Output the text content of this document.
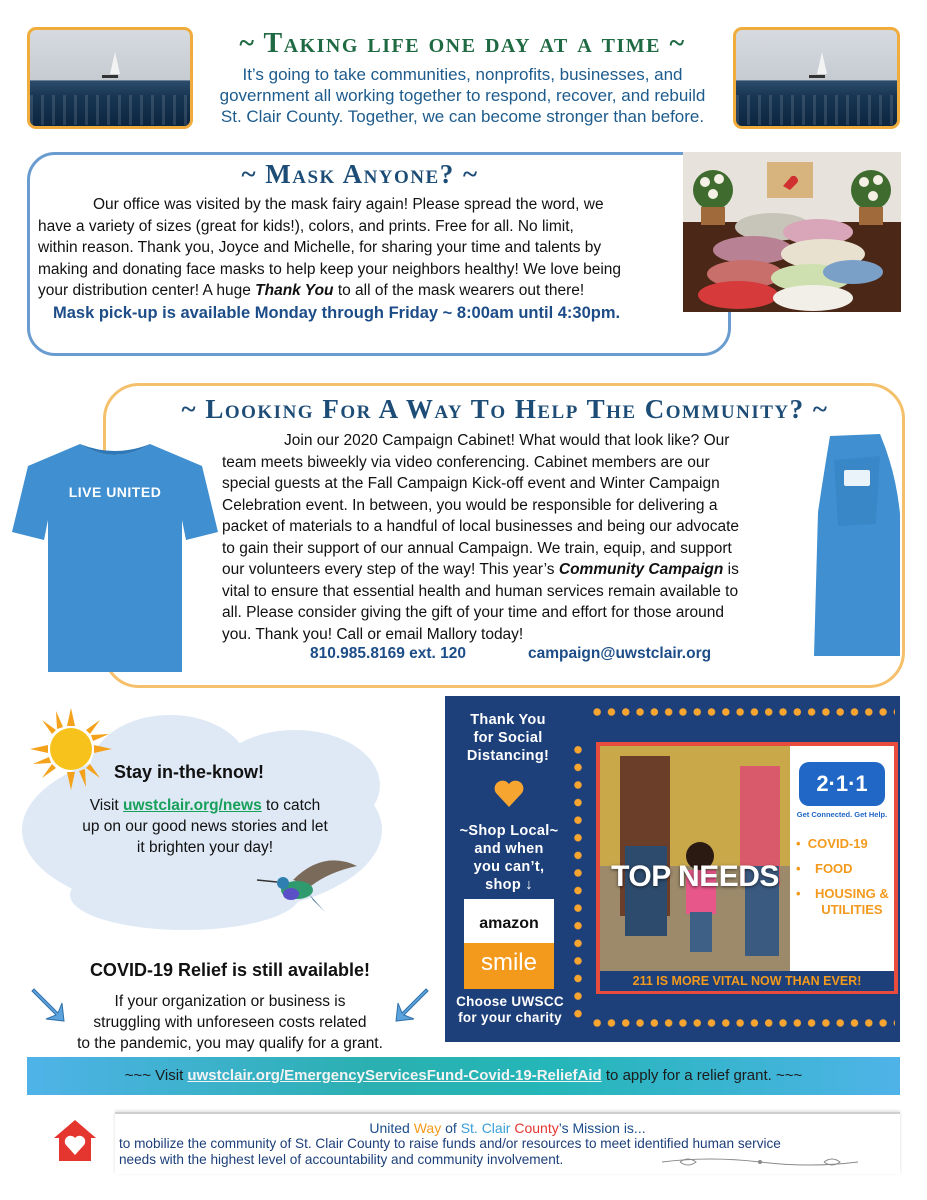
~ Taking life one day at a time ~
It’s going to take communities, nonprofits, businesses, and
government all working together to respond, recover, and rebuild
St. Clair County. Together, we can become stronger than before.
~ Mask Anyone? ~
Our office was visited by the mask fairy again! Please spread the word, we
have a variety of sizes (great for kids!), colors, and prints. Free for all. No limit,
within reason. Thank you, Joyce and Michelle, for sharing your time and talents by
making and donating face masks to help keep your neighbors healthy! We love being
your distribution center! A huge Thank You to all of the mask wearers out there!
Mask pick-up is available Monday through Friday ~ 8:00am until 4:30pm.
~ Looking For A Way To Help The Community? ~
LIVE UNITED
Join our 2020 Campaign Cabinet! What would that look like? Our
team meets biweekly via video conferencing. Cabinet members are our
special guests at the Fall Campaign Kick-off event and Winter Campaign
Celebration event. In between, you would be responsible for delivering a
packet of materials to a handful of local businesses and being our advocate
to gain their support of our annual Campaign. We train, equip, and support
our volunteers every step of the way! This year’s Community Campaign is
vital to ensure that essential health and human services remain available to
all. Please consider giving the gift of your time and effort for those around
you. Thank you! Call or email Mallory today!
810.985.8169 ext. 120	campaign@uwstclair.org
Stay in-the-know!
Visit uwstclair.org/news to catch
up on our good news stories and let
it brighten your day!
COVID-19 Relief is still available!
If your organization or business is
struggling with unforeseen costs related
to the pandemic, you may qualify for a grant.
Thank You
for Social
Distancing!
~Shop Local~
and when
you can’t,
shop ↓
amazon
smile
Choose UWSCC
for your charity
2·1·1
Get Connected. Get Help.
•  COVID-19
•    FOOD
• HOUSING & UTILITIES
TOP NEEDS
211 IS MORE VITAL NOW THAN EVER!
~~~ Visit uwstclair.org/EmergencyServicesFund-Covid-19-ReliefAid to apply for a relief grant. ~~~
United Way of St. Clair County’s Mission is...
to mobilize the community of St. Clair County to raise funds and/or resources to meet identified human service
needs with the highest level of accountability and community involvement.
